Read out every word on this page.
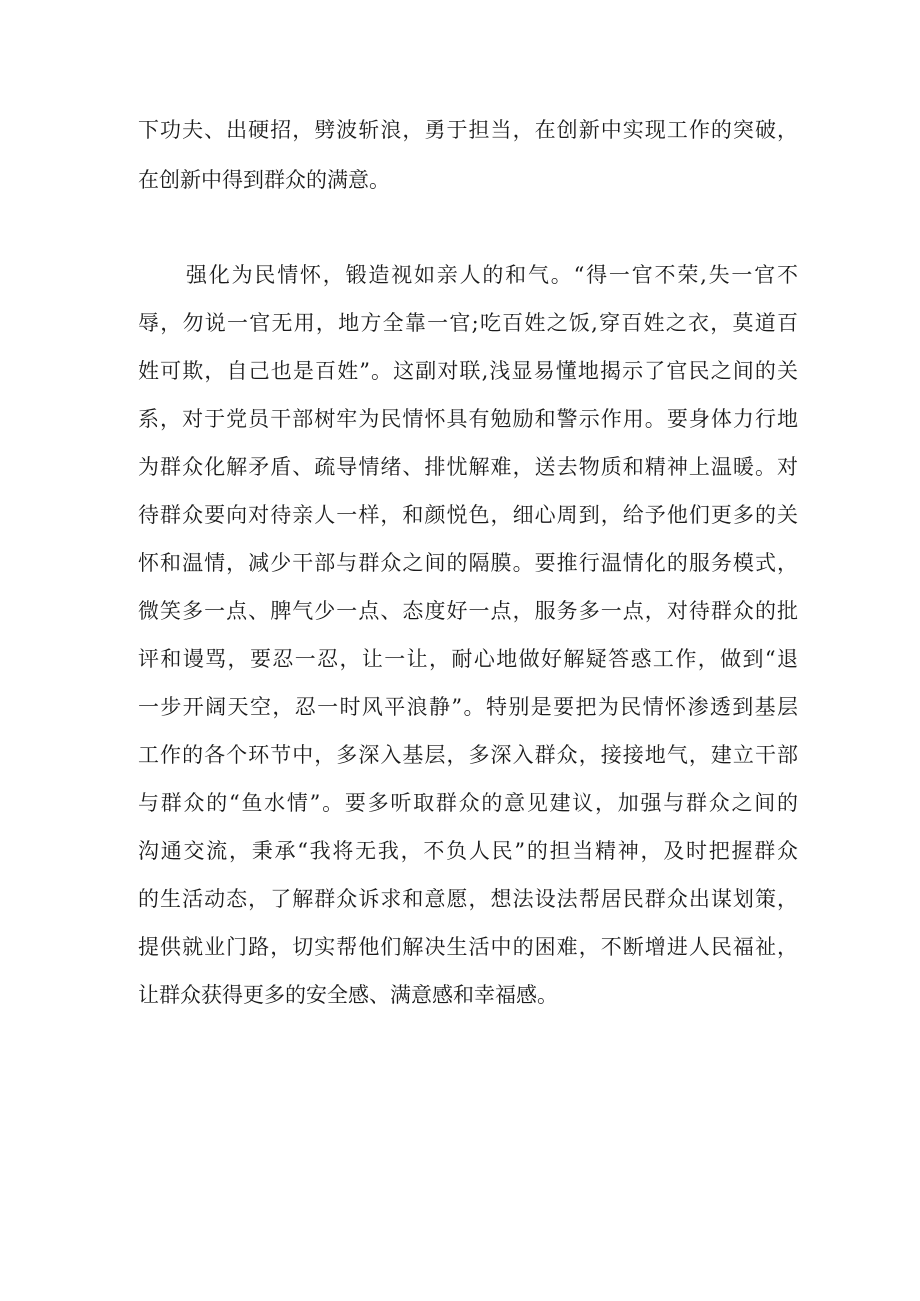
下功夫、出硬招，劈波斩浪，勇于担当，在创新中实现工作的突破，
在创新中得到群众的满意。
强化为民情怀，锻造视如亲人的和气。“得一官不荣,失一官不
辱，勿说一官无用，地方全靠一官;吃百姓之饭,穿百姓之衣，莫道百
姓可欺，自己也是百姓”。这副对联,浅显易懂地揭示了官民之间的关
系，对于党员干部树牢为民情怀具有勉励和警示作用。要身体力行地
为群众化解矛盾、疏导情绪、排忧解难，送去物质和精神上温暖。对
待群众要向对待亲人一样，和颜悦色，细心周到，给予他们更多的关
怀和温情，减少干部与群众之间的隔膜。要推行温情化的服务模式，
微笑多一点、脾气少一点、态度好一点，服务多一点，对待群众的批
评和谩骂，要忍一忍，让一让，耐心地做好解疑答惑工作，做到“退
一步开阔天空，忍一时风平浪静”。特别是要把为民情怀渗透到基层
工作的各个环节中，多深入基层，多深入群众，接接地气，建立干部
与群众的“鱼水情”。要多听取群众的意见建议，加强与群众之间的
沟通交流，秉承“我将无我，不负人民”的担当精神，及时把握群众
的生活动态，了解群众诉求和意愿，想法设法帮居民群众出谋划策，
提供就业门路，切实帮他们解决生活中的困难，不断增进人民福祉，
让群众获得更多的安全感、满意感和幸福感。
